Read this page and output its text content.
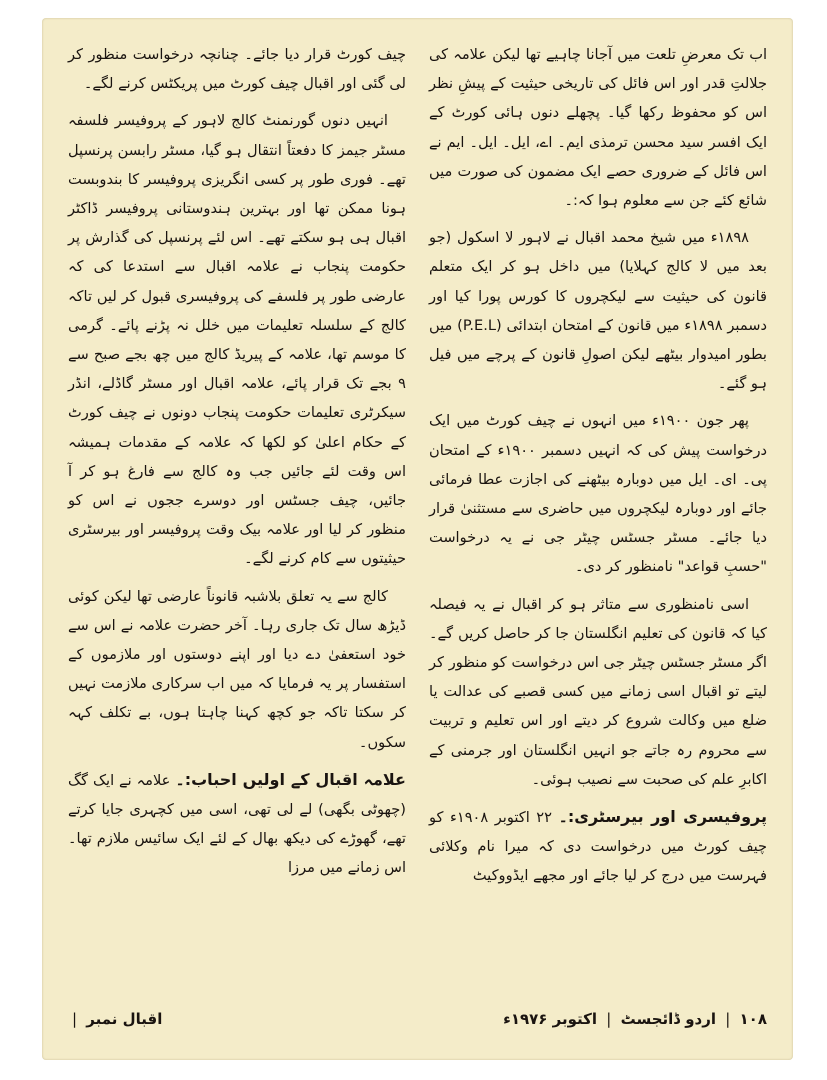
اب تک معرضِ تلعت میں آجانا چاہیے تھا لیکن علامہ کی جلالتِ قدر اور اس فائل کی تاریخی حیثیت کے پیشِ نظر اس کو محفوظ رکھا گیا۔ پچھلے دنوں ہائی کورٹ کے ایک افسر سید محسن ترمذی ایم۔ اے، ایل۔ ایل۔ ایم نے اس فائل کے ضروری حصے ایک مضمون کی صورت میں شائع کئے جن سے معلوم ہوا کہ:۔

۱۸۹۸ء میں شیخ محمد اقبال نے لاہور لا اسکول (جو بعد میں لا کالج کہلایا) میں داخل ہو کر ایک متعلم قانون کی حیثیت سے لیکچروں کا کورس پورا کیا اور دسمبر ۱۸۹۸ء میں قانون کے امتحان ابتدائی (P.E.L) میں بطور امیدوار بیٹھے لیکن اصولِ قانون کے پرچے میں فیل ہو گئے۔

پھر جون ۱۹۰۰ء میں انہوں نے چیف کورٹ میں ایک درخواست پیش کی کہ انہیں دسمبر ۱۹۰۰ء کے امتحان پی۔ ای۔ ایل میں دوبارہ بیٹھنے کی اجازت عطا فرمائی جائے اور دوبارہ لیکچروں میں حاضری سے مستثنیٰ قرار دیا جائے۔ مسٹر جسٹس چیٹر جی نے یہ درخواست "حسبِ قواعد" نامنظور کر دی۔

اسی نامنظوری سے متاثر ہو کر اقبال نے یہ فیصلہ کیا کہ قانون کی تعلیم انگلستان جا کر حاصل کریں گے۔ اگر مسٹر جسٹس چیٹر جی اس درخواست کو منظور کر لیتے تو اقبال اسی زمانے میں کسی قصبے کی عدالت یا ضلع میں وکالت شروع کر دیتے اور اس تعلیم و تربیت سے محروم رہ جاتے جو انہیں انگلستان اور جرمنی کے اکابرِ علم کی صحبت سے نصیب ہوئی۔

پروفیسری اور بیرسٹری:۔ ۲۲ اکتوبر ۱۹۰۸ء کو چیف کورٹ میں درخواست دی کہ میرا نام وکلائی فہرست میں درج کر لیا جائے اور مجھے ایڈووکیٹ

چیف کورٹ قرار دیا جائے۔ چنانچہ درخواست منظور کر لی گئی اور اقبال چیف کورٹ میں پریکٹس کرنے لگے۔

انہیں دنوں گورنمنٹ کالج لاہور کے پروفیسر فلسفہ مسٹر جیمز کا دفعتاً انتقال ہو گیا، مسٹر رابسن پرنسپل تھے۔ فوری طور پر کسی انگریزی پروفیسر کا بندوبست ہونا ممکن تھا اور بہترین ہندوستانی پروفیسر ڈاکٹر اقبال ہی ہو سکتے تھے۔ اس لئے پرنسپل کی گذارش پر حکومت پنجاب نے علامہ اقبال سے استدعا کی کہ عارضی طور پر فلسفے کی پروفیسری قبول کر لیں تاکہ کالج کے سلسلہ تعلیمات میں خلل نہ پڑنے پائے۔ گرمی کا موسم تھا، علامہ کے پیریڈ کالج میں چھ بجے صبح سے ۹ بجے تک قرار پائے، علامہ اقبال اور مسٹر گاڈلے، انڈر سیکرٹری تعلیمات حکومت پنجاب دونوں نے چیف کورٹ کے حکام اعلیٰ کو لکھا کہ علامہ کے مقدمات ہمیشہ اس وقت لئے جائیں جب وہ کالج سے فارغ ہو کر آ جائیں، چیف جسٹس اور دوسرے ججوں نے اس کو منظور کر لیا اور علامہ بیک وقت پروفیسر اور بیرسٹری حیثیتوں سے کام کرنے لگے۔

کالج سے یہ تعلق بلاشبہ قانوناً عارضی تھا لیکن کوئی ڈیڑھ سال تک جاری رہا۔ آخر حضرت علامہ نے اس سے خود استعفیٰ دے دیا اور اپنے دوستوں اور ملازموں کے استفسار پر یہ فرمایا کہ میں اب سرکاری ملازمت نہیں کر سکتا تاکہ جو کچھ کہنا چاہتا ہوں، بے تکلف کہہ سکوں۔

علامہ اقبال کے اولیں احباب:۔ علامہ نے ایک گگ (چھوٹی بگھی) لے لی تھی، اسی میں کچہری جایا کرتے تھے، گھوڑے کی دیکھ بھال کے لئے ایک سائیس ملازم تھا۔ اس زمانے میں مرزا

۱۰۸ | اردو ڈائجسٹ | اکتوبر ۱۹۷۶ء
اقبال نمبر |
